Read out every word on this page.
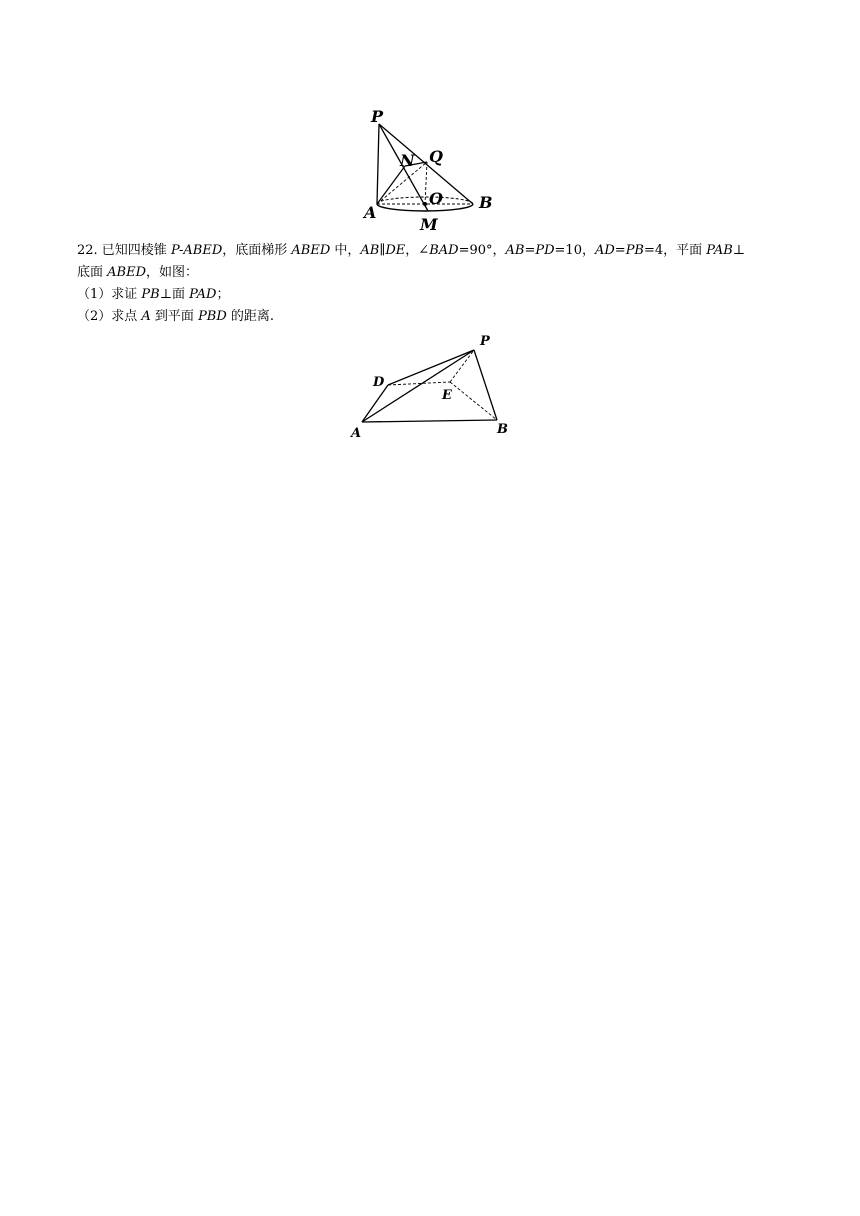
P
N Q
O
A
M
B

22. 已知四棱锥 P-ABED，底面梯形 ABED 中，AB∥DE，∠BAD=90°，AB=PD=10，AD=PB=4，平面 PAB⊥

底面 ABED，如图：

（1）求证 PB⊥面 PAD；

（2）求点 A 到平面 PBD 的距离.

P
D
E
A	B
